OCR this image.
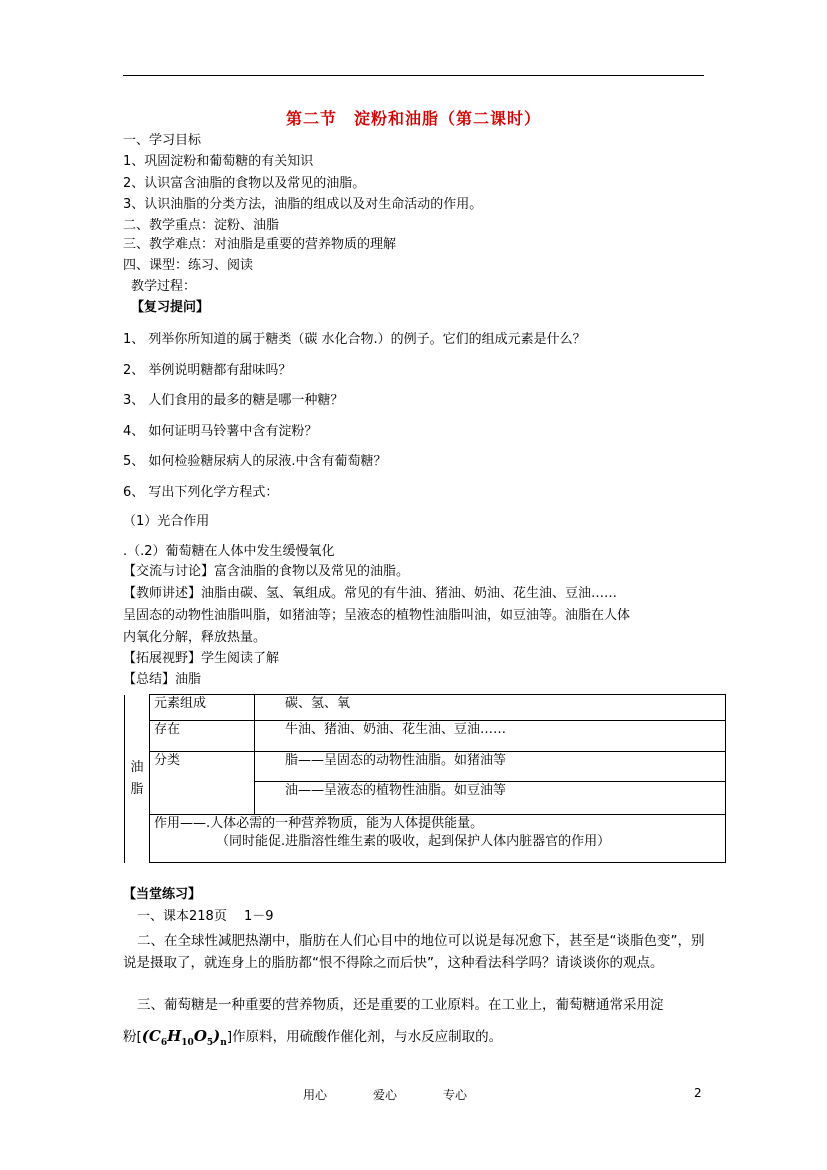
第二节　淀粉和油脂（第二课时）
一、学习目标
1、巩固淀粉和葡萄糖的有关知识
2、认识富含油脂的食物以及常见的油脂。
3、认识油脂的分类方法，油脂的组成以及对生命活动的作用。
二、教学重点：淀粉、油脂
三、教学难点：对油脂是重要的营养物质的理解
四、课型：练习、阅读
教学过程：
【复习提问】
1、 列举你所知道的属于糖类（碳 水化合物.）的例子。它们的组成元素是什么？
2、 举例说明糖都有甜味吗？
3、 人们食用的最多的糖是哪一种糖？
4、 如何证明马铃薯中含有淀粉？
5、 如何检验糖尿病人的尿液.中含有葡萄糖？
6、 写出下列化学方程式：
（1）光合作用
.（.2）葡萄糖在人体中发生缓慢氧化
【交流与讨论】富含油脂的食物以及常见的油脂。
【教师讲述】油脂由碳、氢、氧组成。常见的有牛油、猪油、奶油、花生油、豆油……
呈固态的动物性油脂叫脂，如猪油等；呈液态的植物性油脂叫油，如豆油等。油脂在人体
内氧化分解，释放热量。
【拓展视野】学生阅读了解
【总结】油脂
油
脂	元素组成	碳、氢、氧
	存在	牛油、猪油、奶油、花生油、豆油……
	分类	脂——呈固态的动物性油脂。如猪油等
		油——呈液态的植物性油脂。如豆油等

	作用——.人体必需的一种营养物质，能为人体提供能量。
（同时能促.进脂溶性维生素的吸收，起到保护人体内脏器官的作用）	
【当堂练习】
一、课本218页　 1－9
二、在全球性减肥热潮中，脂肪在人们心目中的地位可以说是每况愈下，甚至是“谈脂色变”，别说是摄取了，就连身上的脂肪都“恨不得除之而后快”，这种看法科学吗？请谈谈你的观点。
三、葡萄糖是一种重要的营养物质，还是重要的工业原料。在工业上，葡萄糖通常采用淀
粉$[(C_6H_{10}O_5)_n]$作原料，用硫酸作催化剂，与水反应制取的。
用心	爱心	专心	2
